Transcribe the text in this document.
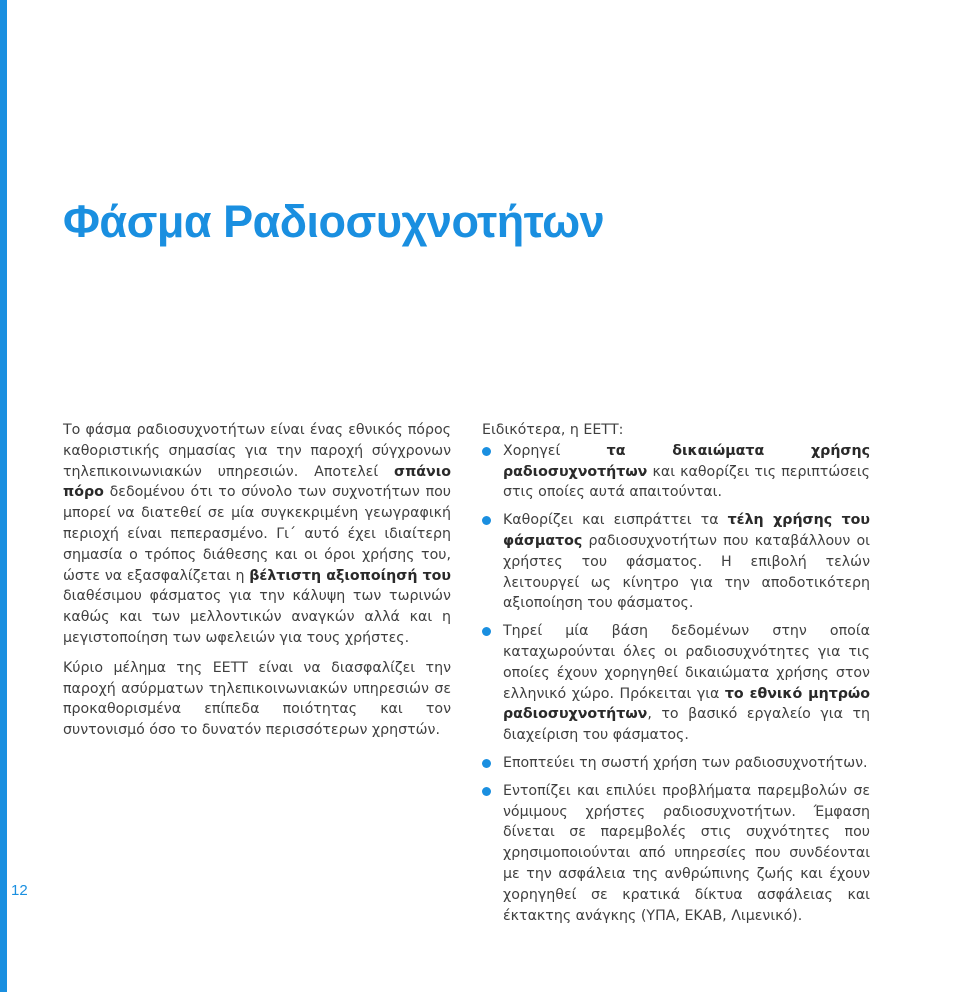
Φάσμα Ραδιοσυχνοτήτων

Το φάσμα ραδιοσυχνοτήτων είναι ένας εθνικός πόρος καθοριστικής σημασίας για την παροχή σύγχρονων τηλεπικοινωνιακών υπηρεσιών. Αποτελεί σπάνιο πόρο δεδομένου ότι το σύνολο των συχνοτήτων που μπορεί να διατεθεί σε μία συγκεκριμένη γεωγραφική περιοχή είναι πεπερασμένο. Γι΄ αυτό έχει ιδιαίτερη σημασία ο τρόπος διάθεσης και οι όροι χρήσης του, ώστε να εξασφαλίζεται η βέλτιστη αξιοποίησή του διαθέσιμου φάσματος για την κάλυψη των τωρινών καθώς και των μελλοντικών αναγκών αλλά και η μεγιστοποίηση των ωφελειών για τους χρήστες.

Κύριο μέλημα της ΕΕΤΤ είναι να διασφαλίζει την παροχή ασύρματων τηλεπικοινωνιακών υπηρεσιών σε προκαθορισμένα επίπεδα ποιότητας και τον συντονισμό όσο το δυνατόν περισσότερων χρηστών.

Ειδικότερα, η ΕΕΤΤ:

Χορηγεί τα δικαιώματα χρήσης ραδιοσυχνοτήτων και καθορίζει τις περιπτώσεις στις οποίες αυτά απαιτούνται.
Καθορίζει και εισπράττει τα τέλη χρήσης του φάσματος ραδιοσυχνοτήτων που καταβάλλουν οι χρήστες του φάσματος. Η επιβολή τελών λειτουργεί ως κίνητρο για την αποδοτικότερη αξιοποίηση του φάσματος.
Τηρεί μία βάση δεδομένων στην οποία καταχωρούνται όλες οι ραδιοσυχνότητες για τις οποίες έχουν χορηγηθεί δικαιώματα χρήσης στον ελληνικό χώρο. Πρόκειται για το εθνικό μητρώο ραδιοσυχνοτήτων, το βασικό εργαλείο για τη διαχείριση του φάσματος.
Εποπτεύει τη σωστή χρήση των ραδιοσυχνοτήτων.
Εντοπίζει και επιλύει προβλήματα παρεμβολών σε νόμιμους χρήστες ραδιοσυχνοτήτων. Έμφαση δίνεται σε παρεμβολές στις συχνότητες που χρησιμοποιούνται από υπηρεσίες που συνδέονται με την ασφάλεια της ανθρώπινης ζωής και έχουν χορηγηθεί σε κρατικά δίκτυα ασφάλειας και έκτακτης ανάγκης (ΥΠΑ, ΕΚΑΒ, Λιμενικό).
12
